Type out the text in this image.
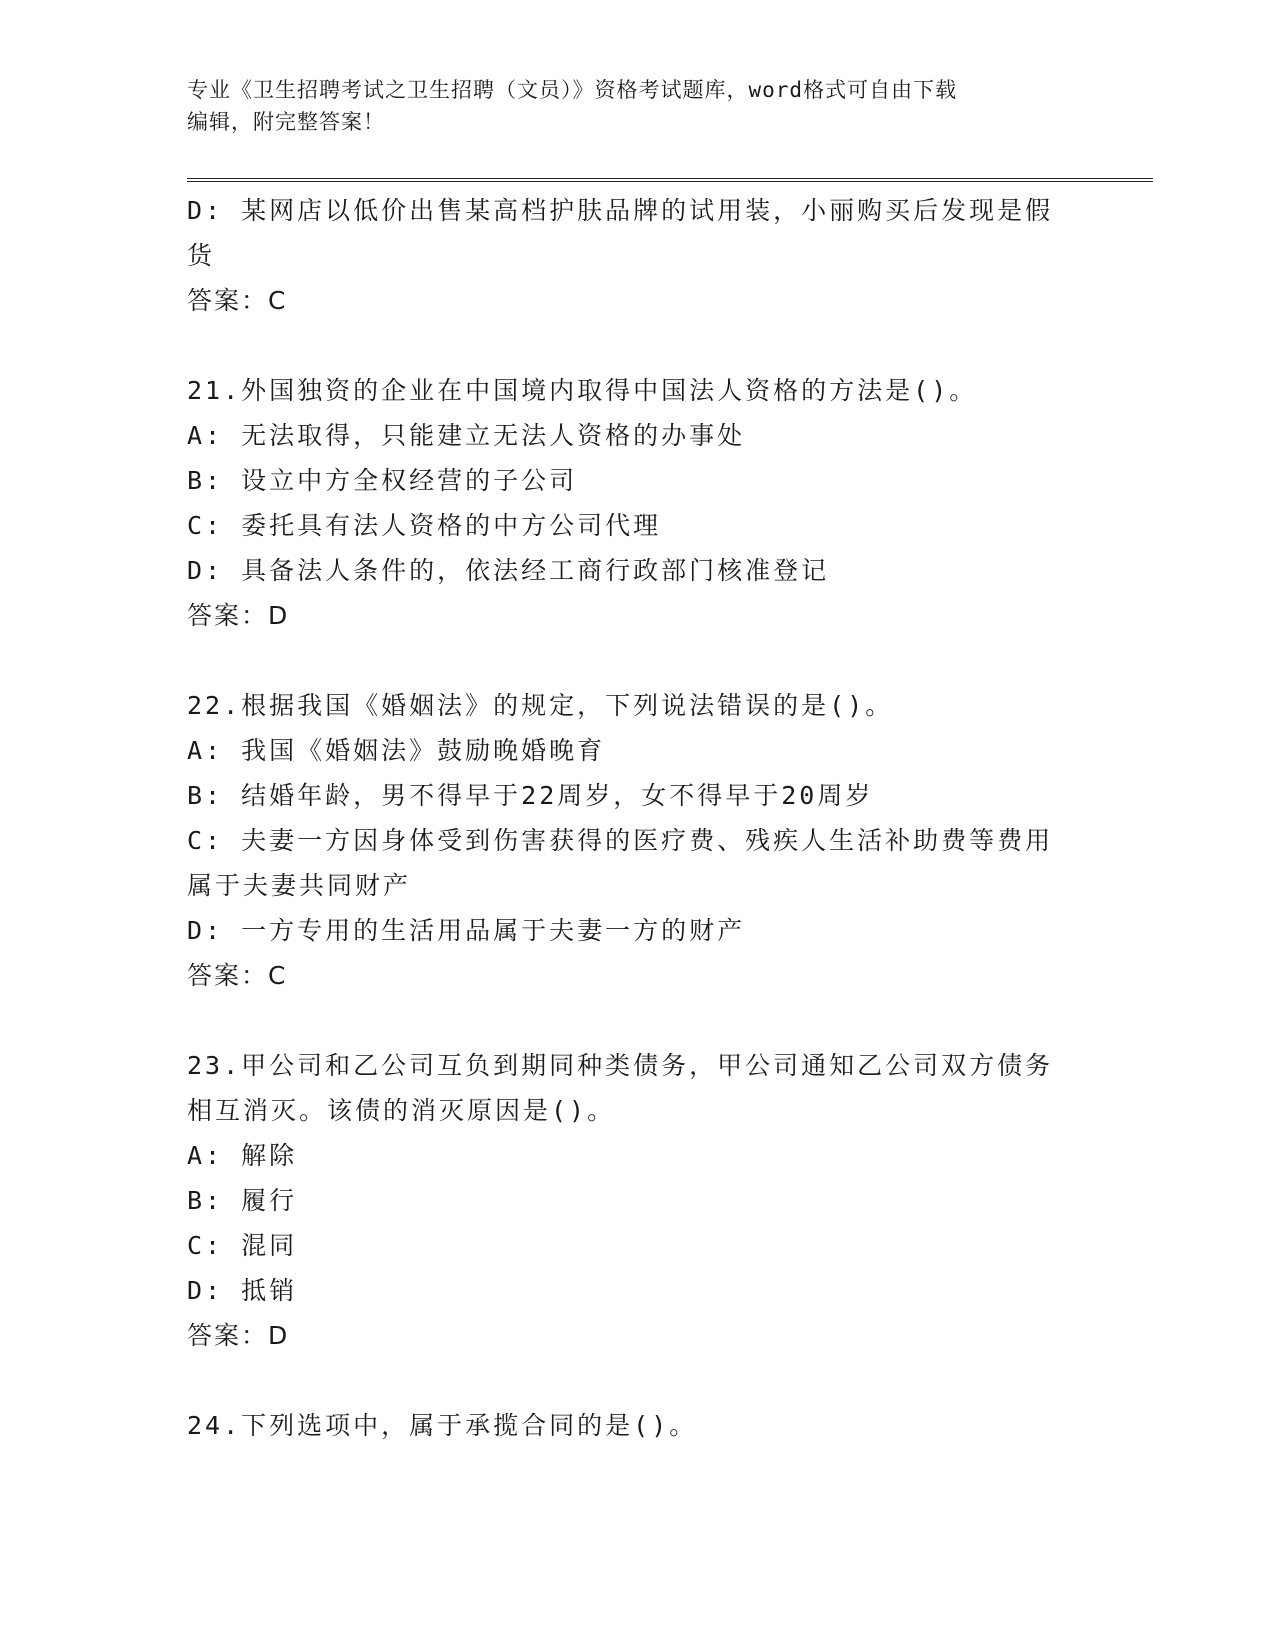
专业《卫生招聘考试之卫生招聘（文员）》资格考试题库，word格式可自由下载
编辑，附完整答案！
D: 某网店以低价出售某高档护肤品牌的试用装，小丽购买后发现是假
货
答案：C
21.外国独资的企业在中国境内取得中国法人资格的方法是()。
A: 无法取得，只能建立无法人资格的办事处
B: 设立中方全权经营的子公司
C: 委托具有法人资格的中方公司代理
D: 具备法人条件的，依法经工商行政部门核准登记
答案：D
22.根据我国《婚姻法》的规定，下列说法错误的是()。
A: 我国《婚姻法》鼓励晚婚晚育
B: 结婚年龄，男不得早于22周岁，女不得早于20周岁
C: 夫妻一方因身体受到伤害获得的医疗费、残疾人生活补助费等费用
属于夫妻共同财产
D: 一方专用的生活用品属于夫妻一方的财产
答案：C
23.甲公司和乙公司互负到期同种类债务，甲公司通知乙公司双方债务
相互消灭。该债的消灭原因是()。
A: 解除
B: 履行
C: 混同
D: 抵销
答案：D
24.下列选项中，属于承揽合同的是()。
